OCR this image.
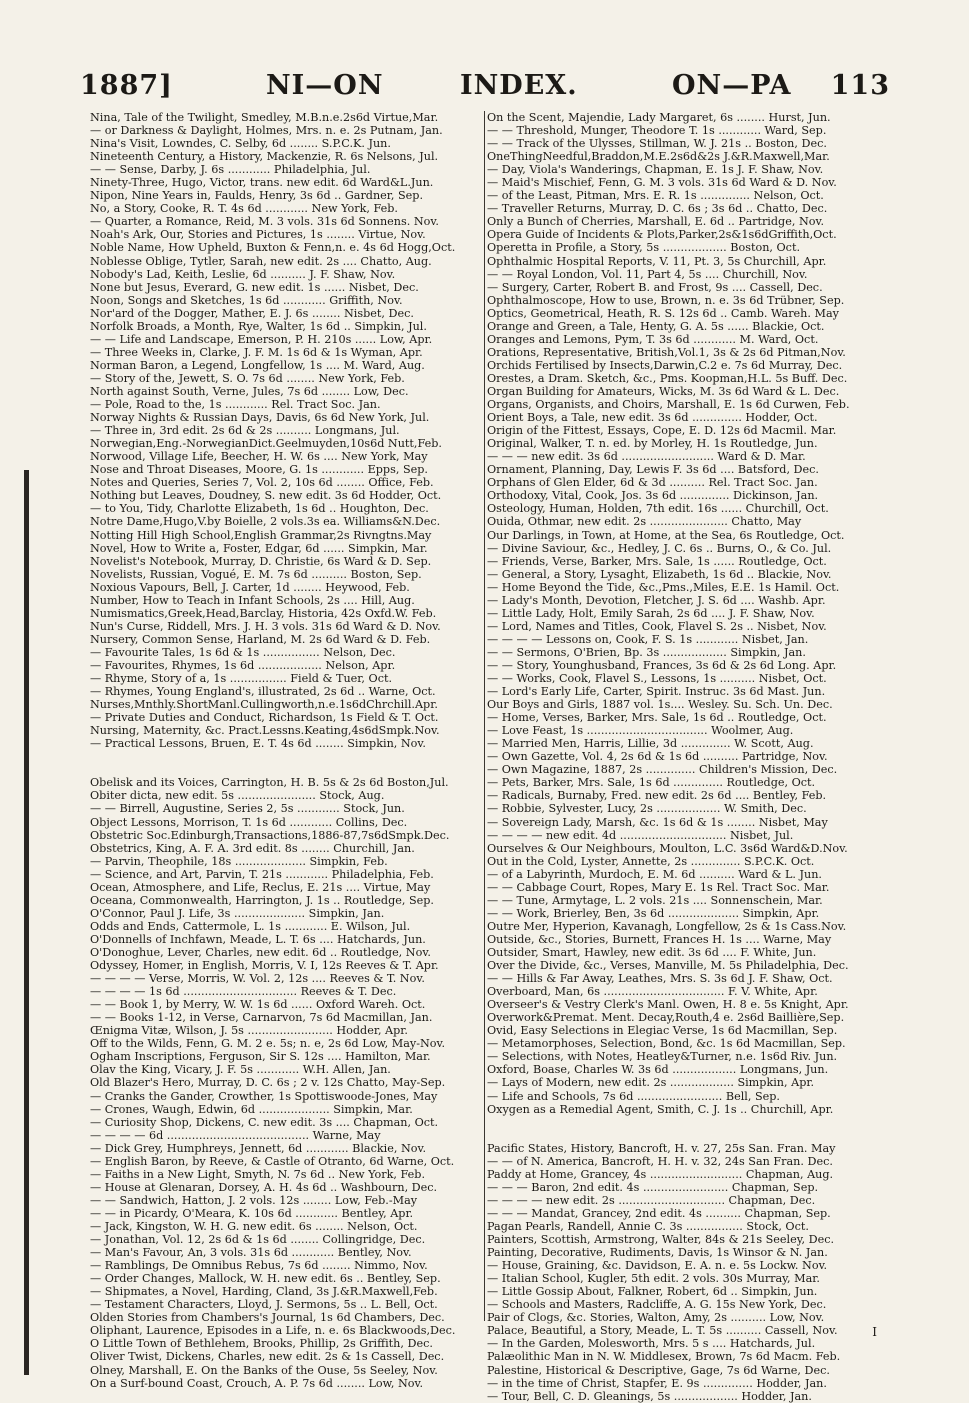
1887]	NI—ON	INDEX.	ON—PA 113
Nina, Tale of the Twilight, Smedley, M.B.n.e.2s6d Virtue,Mar.
— or Darkness & Daylight, Holmes, Mrs. n. e. 2s Putnam, Jan.
Nina's Visit, Lowndes, C. Selby, 6d ........ S.P.C.K. Jun.
Nineteenth Century, a History, Mackenzie, R. 6s Nelsons, Jul.
— — Sense, Darby, J. 6s ............ Philadelphia, Jul.
Ninety-Three, Hugo, Victor, trans. new edit. 6d Ward&L.Jun.
Nipon, Nine Years in, Faulds, Henry, 3s 6d .. Gardner, Sep.
No, a Story, Cooke, R. T. 4s 6d ............ New York, Feb.
— Quarter, a Romance, Reid, M. 3 vols. 31s 6d Sonnens. Nov.
Noah's Ark, Our, Stories and Pictures, 1s ........ Virtue, Nov.
Noble Name, How Upheld, Buxton & Fenn,n. e. 4s 6d Hogg,Oct.
Noblesse Oblige, Tytler, Sarah, new edit. 2s .... Chatto, Aug.
Nobody's Lad, Keith, Leslie, 6d .......... J. F. Shaw, Nov.
None but Jesus, Everard, G. new edit. 1s ...... Nisbet, Dec.
Noon, Songs and Sketches, 1s 6d ............ Griffith, Nov.
Nor'ard of the Dogger, Mather, E. J. 6s ........ Nisbet, Dec.
Norfolk Broads, a Month, Rye, Walter, 1s 6d .. Simpkin, Jul.
— — Life and Landscape, Emerson, P. H. 210s ...... Low, Apr.
— Three Weeks in, Clarke, J. F. M. 1s 6d & 1s Wyman, Apr.
Norman Baron, a Legend, Longfellow, 1s .... M. Ward, Aug.
— Story of the, Jewett, S. O. 7s 6d ........ New York, Feb.
North against South, Verne, Jules, 7s 6d ........ Low, Dec.
— Pole, Road to the, 1s ............ Rel. Tract Soc. Jan.
Norway Nights & Russian Days, Davis, 6s 6d New York, Jul.
— Three in, 3rd edit. 2s 6d & 2s .......... Longmans, Jul.
Norwegian,Eng.-NorwegianDict.Geelmuyden,10s6d Nutt,Feb.
Norwood, Village Life, Beecher, H. W. 6s .... New York, May
Nose and Throat Diseases, Moore, G. 1s ............ Epps, Sep.
Notes and Queries, Series 7, Vol. 2, 10s 6d ........ Office, Feb.
Nothing but Leaves, Doudney, S. new edit. 3s 6d Hodder, Oct.
— to You, Tidy, Charlotte Elizabeth, 1s 6d .. Houghton, Dec.
Notre Dame,Hugo,V.by Boielle, 2 vols.3s ea. Williams&N.Dec.
Notting Hill High School,English Grammar,2s Rivngtns.May
Novel, How to Write a, Foster, Edgar, 6d ...... Simpkin, Mar.
Novelist's Notebook, Murray, D. Christie, 6s Ward & D. Sep.
Novelists, Russian, Vogué, E. M. 7s 6d .......... Boston, Sep.
Noxious Vapours, Bell, J. Carter, 1d ........ Heywood, Feb.
Number, How to Teach in Infant Schools, 2s .... Hill, Aug.
Numismatics,Greek,Head,Barclay, Historia, 42s Oxfd.W. Feb.
Nun's Curse, Riddell, Mrs. J. H. 3 vols. 31s 6d Ward & D. Nov.
Nursery, Common Sense, Harland, M. 2s 6d Ward & D. Feb.
— Favourite Tales, 1s 6d & 1s ................ Nelson, Dec.
— Favourites, Rhymes, 1s 6d .................. Nelson, Apr.
— Rhyme, Story of a, 1s ................ Field & Tuer, Oct.
— Rhymes, Young England's, illustrated, 2s 6d .. Warne, Oct.
Nurses,Mnthly.ShortManl.Cullingworth,n.e.1s6dChrchill.Apr.
— Private Duties and Conduct, Richardson, 1s Field & T. Oct.
Nursing, Maternity, &c. Pract.Lessns.Keating,4s6dSmpk.Nov.
— Practical Lessons, Bruen, E. T. 4s 6d ........ Simpkin, Nov.
Obelisk and its Voices, Carrington, H. B. 5s & 2s 6d Boston,Jul.
Obiter dicta, new edit. 5s ...................... Stock, Aug.
— — Birrell, Augustine, Series 2, 5s ............ Stock, Jun.
Object Lessons, Morrison, T. 1s 6d ............ Collins, Dec.
Obstetric Soc.Edinburgh,Transactions,1886-87,7s6dSmpk.Dec.
Obstetrics, King, A. F. A. 3rd edit. 8s ........ Churchill, Jan.
— Parvin, Theophile, 18s .................... Simpkin, Feb.
— Science, and Art, Parvin, T. 21s ............ Philadelphia, Feb.
Ocean, Atmosphere, and Life, Reclus, E. 21s .... Virtue, May
Oceana, Commonwealth, Harrington, J. 1s .. Routledge, Sep.
O'Connor, Paul J. Life, 3s .................... Simpkin, Jan.
Odds and Ends, Cattermole, L. 1s ............ E. Wilson, Jul.
O'Donnells of Inchfawn, Meade, L. T. 6s .... Hatchards, Jun.
O'Donoghue, Lever, Charles, new edit. 6d .. Routledge, Nov.
Odyssey, Homer, in English, Morris, V. I, 12s Reeves & T. Apr.
— — — — Verse, Morris, W. Vol. 2, 12s .... Reeves & T. Nov.
— — — — 1s 6d ................................ Reeves & T. Dec.
— — Book 1, by Merry, W. W. 1s 6d ...... Oxford Wareh. Oct.
— — Books 1-12, in Verse, Carnarvon, 7s 6d Macmillan, Jan.
Œnigma Vitæ, Wilson, J. 5s ........................ Hodder, Apr.
Off to the Wilds, Fenn, G. M. 2 e. 5s; n. e, 2s 6d Low, May-Nov.
Ogham Inscriptions, Ferguson, Sir S. 12s .... Hamilton, Mar.
Olav the King, Vicary, J. F. 5s ............ W.H. Allen, Jan.
Old Blazer's Hero, Murray, D. C. 6s ; 2 v. 12s Chatto, May-Sep.
— Cranks the Gander, Crowther, 1s Spottiswoode-Jones, May
— Crones, Waugh, Edwin, 6d .................... Simpkin, Mar.
— Curiosity Shop, Dickens, C. new edit. 3s .... Chapman, Oct.
— — — — 6d ........................................ Warne, May
— Dick Grey, Humphreys, Jennett, 6d ............ Blackie, Nov.
— English Baron, by Reeve, & Castle of Otranto, 6d Warne, Oct.
— Faiths in a New Light, Smyth, N. 7s 6d .. New York, Feb.
— House at Glenaran, Dorsey, A. H. 4s 6d .. Washbourn, Dec.
— — Sandwich, Hatton, J. 2 vols. 12s ........ Low, Feb.-May
— — in Picardy, O'Meara, K. 10s 6d ............ Bentley, Apr.
— Jack, Kingston, W. H. G. new edit. 6s ........ Nelson, Oct.
— Jonathan, Vol. 12, 2s 6d & 1s 6d ........ Collingridge, Dec.
— Man's Favour, An, 3 vols. 31s 6d ............ Bentley, Nov.
— Ramblings, De Omnibus Rebus, 7s 6d ........ Nimmo, Nov.
— Order Changes, Mallock, W. H. new edit. 6s .. Bentley, Sep.
— Shipmates, a Novel, Harding, Cland, 3s J.&R.Maxwell,Feb.
— Testament Characters, Lloyd, J. Sermons, 5s .. L. Bell, Oct.
Olden Stories from Chambers's Journal, 1s 6d Chambers, Dec.
Oliphant, Laurence, Episodes in a Life, n. e. 6s Blackwoods,Dec.
O Little Town of Bethlehem, Brooks, Phillip, 2s Griffith, Dec.
Oliver Twist, Dickens, Charles, new edit. 2s & 1s Cassell, Dec.
Olney, Marshall, E. On the Banks of the Ouse, 5s Seeley, Nov.
On a Surf-bound Coast, Crouch, A. P. 7s 6d ........ Low, Nov.
On the Scent, Majendie, Lady Margaret, 6s ........ Hurst, Jun.
— — Threshold, Munger, Theodore T. 1s ............ Ward, Sep.
— — Track of the Ulysses, Stillman, W. J. 21s .. Boston, Dec.
OneThingNeedful,Braddon,M.E.2s6d&2s J.&R.Maxwell,Mar.
— Day, Viola's Wanderings, Chapman, E. 1s J. F. Shaw, Nov.
— Maid's Mischief, Fenn, G. M. 3 vols. 31s 6d Ward & D. Nov.
— of the Least, Pitman, Mrs. E. R. 1s .............. Nelson, Oct.
— Traveller Returns, Murray, D. C. 6s ; 3s 6d .. Chatto, Dec.
Only a Bunch of Cherries, Marshall, E. 6d .. Partridge, Nov.
Opera Guide of Incidents & Plots,Parker,2s&1s6dGriffith,Oct.
Operetta in Profile, a Story, 5s .................. Boston, Oct.
Ophthalmic Hospital Reports, V. 11, Pt. 3, 5s Churchill, Apr.
— — Royal London, Vol. 11, Part 4, 5s .... Churchill, Nov.
— Surgery, Carter, Robert B. and Frost, 9s .... Cassell, Dec.
Ophthalmoscope, How to use, Brown, n. e. 3s 6d Trübner, Sep.
Optics, Geometrical, Heath, R. S. 12s 6d .. Camb. Wareh. May
Orange and Green, a Tale, Henty, G. A. 5s ...... Blackie, Oct.
Oranges and Lemons, Pym, T. 3s 6d ............ M. Ward, Oct.
Orations, Representative, British,Vol.1, 3s & 2s 6d Pitman,Nov.
Orchids Fertilised by Insects,Darwin,C.2 e. 7s 6d Murray, Dec.
Orestes, a Dram. Sketch, &c., Pms. Koopman,H.L. 5s Buff. Dec.
Organ Building for Amateurs, Wicks, M. 3s 6d Ward & L. Dec.
Organs, Organists, and Choirs, Marshall, E. 1s 6d Curwen, Feb.
Orient Boys, a Tale, new edit. 3s 6d .............. Hodder, Oct.
Origin of the Fittest, Essays, Cope, E. D. 12s 6d Macmil. Mar.
Original, Walker, T. n. ed. by Morley, H. 1s Routledge, Jun.
— — — new edit. 3s 6d .......................... Ward & D. Mar.
Ornament, Planning, Day, Lewis F. 3s 6d .... Batsford, Dec.
Orphans of Glen Elder, 6d & 3d .......... Rel. Tract Soc. Jan.
Orthodoxy, Vital, Cook, Jos. 3s 6d .............. Dickinson, Jan.
Osteology, Human, Holden, 7th edit. 16s ...... Churchill, Oct.
Ouida, Othmar, new edit. 2s ...................... Chatto, May
Our Darlings, in Town, at Home, at the Sea, 6s Routledge, Oct.
— Divine Saviour, &c., Hedley, J. C. 6s .. Burns, O., & Co. Jul.
— Friends, Verse, Barker, Mrs. Sale, 1s ...... Routledge, Oct.
— General, a Story, Lysaght, Elizabeth, 1s 6d .. Blackie, Nov.
— Home Beyond the Tide, &c.,Pms.,Miles, E.E. 1s Hamil. Oct.
— Lady's Month, Devotion, Fletcher, J. S. 6d .... Washb. Apr.
— Little Lady, Holt, Emily Sarah, 2s 6d .... J. F. Shaw, Nov.
— Lord, Names and Titles, Cook, Flavel S. 2s .. Nisbet, Nov.
— — — — Lessons on, Cook, F. S. 1s ............ Nisbet, Jan.
— — Sermons, O'Brien, Bp. 3s .................. Simpkin, Jan.
— — Story, Younghusband, Frances, 3s 6d & 2s 6d Long. Apr.
— — Works, Cook, Flavel S., Lessons, 1s .......... Nisbet, Oct.
— Lord's Early Life, Carter, Spirit. Instruc. 3s 6d Mast. Jun.
Our Boys and Girls, 1887 vol. 1s.... Wesley. Su. Sch. Un. Dec.
— Home, Verses, Barker, Mrs. Sale, 1s 6d .. Routledge, Oct.
— Love Feast, 1s .................................. Woolmer, Aug.
— Married Men, Harris, Lillie, 3d .............. W. Scott, Aug.
— Own Gazette, Vol. 4, 2s 6d & 1s 6d .......... Partridge, Nov.
— Own Magazine, 1887, 2s .............. Children's Mission, Dec.
— Pets, Barker, Mrs. Sale, 1s 6d .............. Routledge, Oct.
— Radicals, Burnaby, Fred. new edit. 2s 6d .... Bentley, Feb.
— Robbie, Sylvester, Lucy, 2s .................. W. Smith, Dec.
— Sovereign Lady, Marsh, &c. 1s 6d & 1s ........ Nisbet, May
— — — — new edit. 4d .............................. Nisbet, Jul.
Ourselves & Our Neighbours, Moulton, L.C. 3s6d Ward&D.Nov.
Out in the Cold, Lyster, Annette, 2s .............. S.P.C.K. Oct.
— of a Labyrinth, Murdoch, E. M. 6d .......... Ward & L. Jun.
— — Cabbage Court, Ropes, Mary E. 1s Rel. Tract Soc. Mar.
— — Tune, Armytage, L. 2 vols. 21s .... Sonnenschein, Mar.
— — Work, Brierley, Ben, 3s 6d .................... Simpkin, Apr.
Outre Mer, Hyperion, Kavanagh, Longfellow, 2s & 1s Cass.Nov.
Outside, &c., Stories, Burnett, Frances H. 1s .... Warne, May
Outsider, Smart, Hawley, new edit. 3s 6d .... F. White, Jun.
Over the Divide, &c., Verses, Manville, M. 5s Philadelphia, Dec.
— — Hills & Far Away, Leathes, Mrs. S. 3s 6d J. F. Shaw, Oct.
Overboard, Man, 6s .................................. F. V. White, Apr.
Overseer's & Vestry Clerk's Manl. Owen, H. 8 e. 5s Knight, Apr.
Overwork&Premat. Ment. Decay,Routh,4 e. 2s6d Baillière,Sep.
Ovid, Easy Selections in Elegiac Verse, 1s 6d Macmillan, Sep.
— Metamorphoses, Selection, Bond, &c. 1s 6d Macmillan, Sep.
— Selections, with Notes, Heatley&Turner, n.e. 1s6d Riv. Jun.
Oxford, Boase, Charles W. 3s 6d .................. Longmans, Jun.
— Lays of Modern, new edit. 2s .................. Simpkin, Apr.
— Life and Schools, 7s 6d ........................ Bell, Sep.
Oxygen as a Remedial Agent, Smith, C. J. 1s .. Churchill, Apr.
Pacific States, History, Bancroft, H. v. 27, 25s San. Fran. May
— — of N. America, Bancroft, H. H. v. 32, 24s San Fran. Dec.
Paddy at Home, Grancey, 4s .......................... Chapman, Aug.
— — — Baron, 2nd edit. 4s ........................ Chapman, Sep.
— — — — new edit. 2s .............................. Chapman, Dec.
— — — Mandat, Grancey, 2nd edit. 4s .......... Chapman, Sep.
Pagan Pearls, Randell, Annie C. 3s ................ Stock, Oct.
Painters, Scottish, Armstrong, Walter, 84s & 21s Seeley, Dec.
Painting, Decorative, Rudiments, Davis, 1s Winsor & N. Jan.
— House, Graining, &c. Davidson, E. A. n. e. 5s Lockw. Nov.
— Italian School, Kugler, 5th edit. 2 vols. 30s Murray, Mar.
— Little Gossip About, Falkner, Robert, 6d .. Simpkin, Jun.
— Schools and Masters, Radcliffe, A. G. 15s New York, Dec.
Pair of Clogs, &c. Stories, Walton, Amy, 2s .......... Low, Nov.
Palace, Beautiful, a Story, Meade, L. T. 5s .......... Cassell, Nov.
— In the Garden, Molesworth, Mrs. 5 s .... Hatchards, Jul.
Palæolithic Man in N. W. Middlesex, Brown, 7s 6d Macm. Feb.
Palestine, Historical & Descriptive, Gage, 7s 6d Warne, Dec.
— in the time of Christ, Stapfer, E. 9s .............. Hodder, Jan.
— Tour, Bell, C. D. Gleanings, 5s .................. Hodder, Jan.
I
